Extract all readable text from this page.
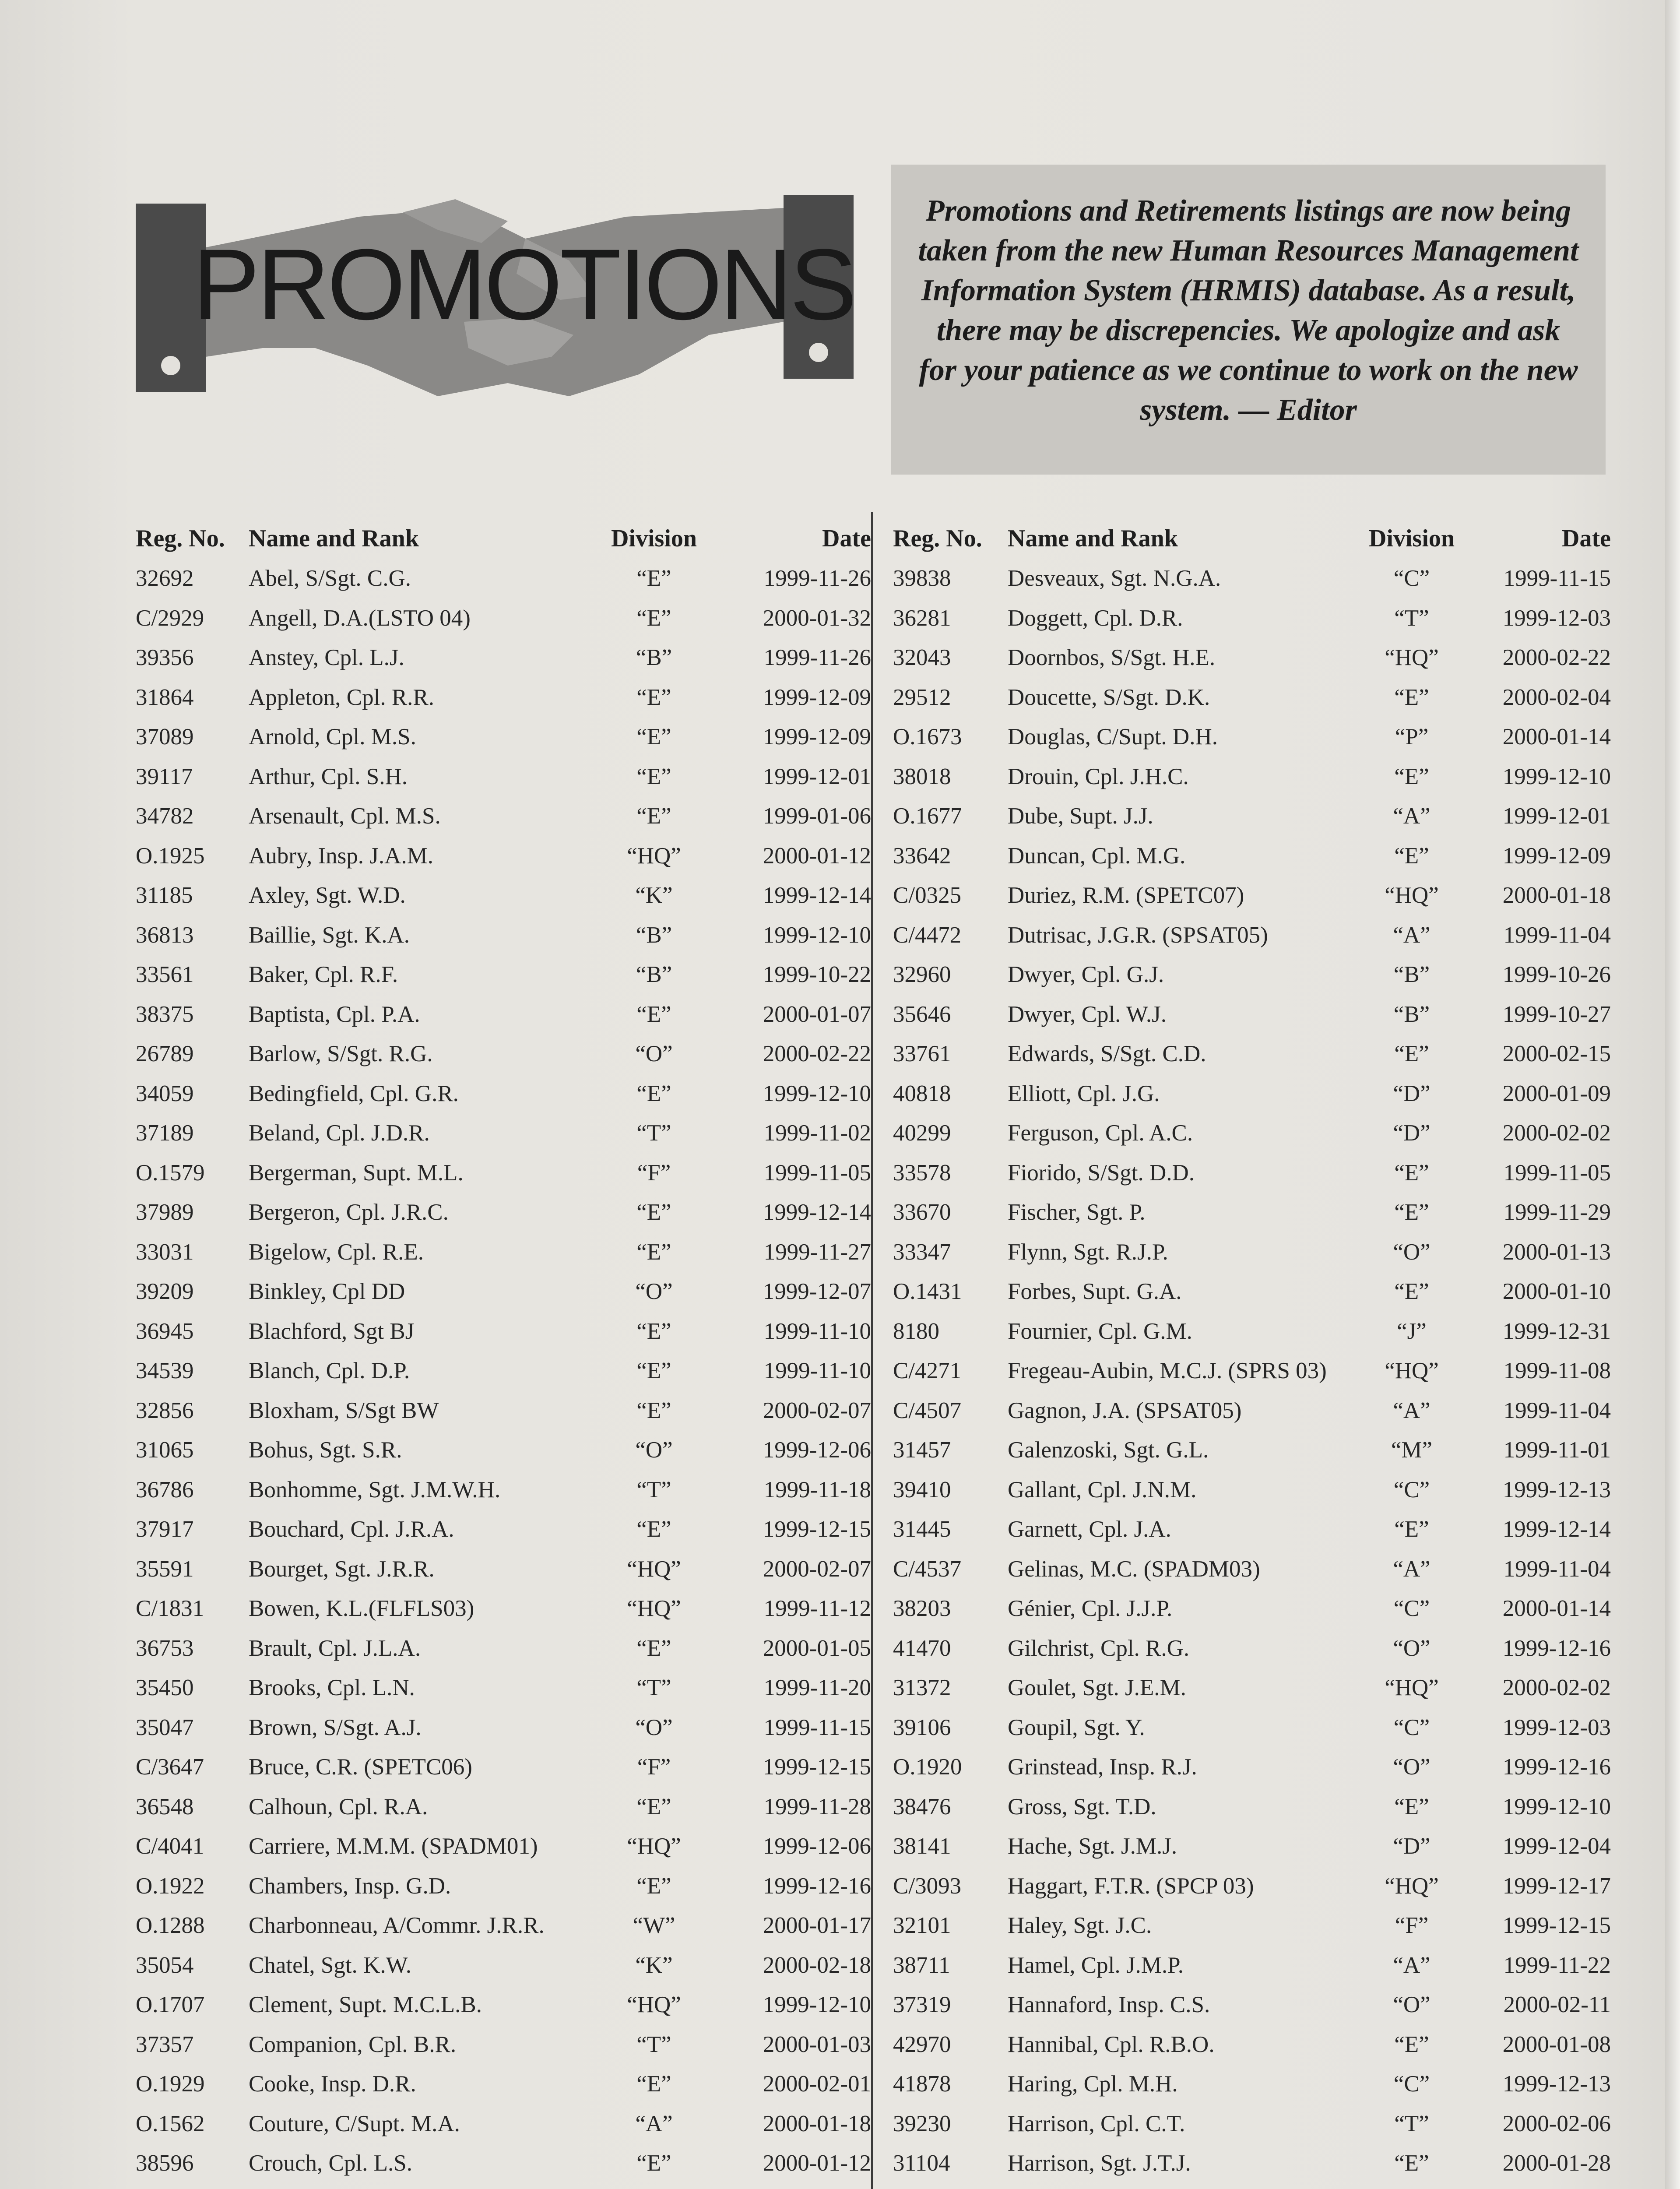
PROMOTIONS
Promotions and Retirements listings are now being taken from the new Human Resources Management Information System (HRMIS) database. As a result, there may be discrepencies. We apologize and ask for your patience as we continue to work on the new system. — Editor
Reg. No.	Name and Rank	Division	Date
32692	Abel, S/Sgt. C.G.	“E”	1999-11-26
C/2929	Angell, D.A.(LSTO 04)	“E”	2000-01-32
39356	Anstey, Cpl. L.J.	“B”	1999-11-26
31864	Appleton, Cpl. R.R.	“E”	1999-12-09
37089	Arnold, Cpl. M.S.	“E”	1999-12-09
39117	Arthur, Cpl. S.H.	“E”	1999-12-01
34782	Arsenault, Cpl. M.S.	“E”	1999-01-06
O.1925	Aubry, Insp. J.A.M.	“HQ”	2000-01-12
31185	Axley, Sgt. W.D.	“K”	1999-12-14
36813	Baillie, Sgt. K.A.	“B”	1999-12-10
33561	Baker, Cpl. R.F.	“B”	1999-10-22
38375	Baptista, Cpl. P.A.	“E”	2000-01-07
26789	Barlow, S/Sgt. R.G.	“O”	2000-02-22
34059	Bedingfield, Cpl. G.R.	“E”	1999-12-10
37189	Beland, Cpl. J.D.R.	“T”	1999-11-02
O.1579	Bergerman, Supt. M.L.	“F”	1999-11-05
37989	Bergeron, Cpl. J.R.C.	“E”	1999-12-14
33031	Bigelow, Cpl. R.E.	“E”	1999-11-27
39209	Binkley, Cpl DD	“O”	1999-12-07
36945	Blachford, Sgt BJ	“E”	1999-11-10
34539	Blanch, Cpl. D.P.	“E”	1999-11-10
32856	Bloxham, S/Sgt BW	“E”	2000-02-07
31065	Bohus, Sgt. S.R.	“O”	1999-12-06
36786	Bonhomme, Sgt. J.M.W.H.	“T”	1999-11-18
37917	Bouchard, Cpl. J.R.A.	“E”	1999-12-15
35591	Bourget, Sgt. J.R.R.	“HQ”	2000-02-07
C/1831	Bowen, K.L.(FLFLS03)	“HQ”	1999-11-12
36753	Brault, Cpl. J.L.A.	“E”	2000-01-05
35450	Brooks, Cpl. L.N.	“T”	1999-11-20
35047	Brown, S/Sgt. A.J.	“O”	1999-11-15
C/3647	Bruce, C.R. (SPETC06)	“F”	1999-12-15
36548	Calhoun, Cpl. R.A.	“E”	1999-11-28
C/4041	Carriere, M.M.M. (SPADM01)	“HQ”	1999-12-06
O.1922	Chambers, Insp. G.D.	“E”	1999-12-16
O.1288	Charbonneau, A/Commr. J.R.R.	“W”	2000-01-17
35054	Chatel, Sgt. K.W.	“K”	2000-02-18
O.1707	Clement, Supt. M.C.L.B.	“HQ”	1999-12-10
37357	Companion, Cpl. B.R.	“T”	2000-01-03
O.1929	Cooke, Insp. D.R.	“E”	2000-02-01
O.1562	Couture, C/Supt. M.A.	“A”	2000-01-18
38596	Crouch, Cpl. L.S.	“E”	2000-01-12

Reg. No.	Name and Rank	Division	Date
39838	Desveaux, Sgt. N.G.A.	“C”	1999-11-15
36281	Doggett, Cpl. D.R.	“T”	1999-12-03
32043	Doornbos, S/Sgt. H.E.	“HQ”	2000-02-22
29512	Doucette, S/Sgt. D.K.	“E”	2000-02-04
O.1673	Douglas, C/Supt. D.H.	“P”	2000-01-14
38018	Drouin, Cpl. J.H.C.	“E”	1999-12-10
O.1677	Dube, Supt. J.J.	“A”	1999-12-01
33642	Duncan, Cpl. M.G.	“E”	1999-12-09
C/0325	Duriez, R.M. (SPETC07)	“HQ”	2000-01-18
C/4472	Dutrisac, J.G.R. (SPSAT05)	“A”	1999-11-04
32960	Dwyer, Cpl. G.J.	“B”	1999-10-26
35646	Dwyer, Cpl. W.J.	“B”	1999-10-27
33761	Edwards, S/Sgt. C.D.	“E”	2000-02-15
40818	Elliott, Cpl. J.G.	“D”	2000-01-09
40299	Ferguson, Cpl. A.C.	“D”	2000-02-02
33578	Fiorido, S/Sgt. D.D.	“E”	1999-11-05
33670	Fischer, Sgt. P.	“E”	1999-11-29
33347	Flynn, Sgt. R.J.P.	“O”	2000-01-13
O.1431	Forbes, Supt. G.A.	“E”	2000-01-10
8180	Fournier, Cpl. G.M.	“J”	1999-12-31
C/4271	Fregeau-Aubin, M.C.J. (SPRS 03)	“HQ”	1999-11-08
C/4507	Gagnon, J.A. (SPSAT05)	“A”	1999-11-04
31457	Galenzoski, Sgt. G.L.	“M”	1999-11-01
39410	Gallant, Cpl. J.N.M.	“C”	1999-12-13
31445	Garnett, Cpl. J.A.	“E”	1999-12-14
C/4537	Gelinas, M.C. (SPADM03)	“A”	1999-11-04
38203	Génier, Cpl. J.J.P.	“C”	2000-01-14
41470	Gilchrist, Cpl. R.G.	“O”	1999-12-16
31372	Goulet, Sgt. J.E.M.	“HQ”	2000-02-02
39106	Goupil, Sgt. Y.	“C”	1999-12-03
O.1920	Grinstead, Insp. R.J.	“O”	1999-12-16
38476	Gross, Sgt. T.D.	“E”	1999-12-10
38141	Hache, Sgt. J.M.J.	“D”	1999-12-04
C/3093	Haggart, F.T.R. (SPCP 03)	“HQ”	1999-12-17
32101	Haley, Sgt. J.C.	“F”	1999-12-15
38711	Hamel, Cpl. J.M.P.	“A”	1999-11-22
37319	Hannaford, Insp. C.S.	“O”	2000-02-11
42970	Hannibal, Cpl. R.B.O.	“E”	2000-01-08
41878	Haring, Cpl. M.H.	“C”	1999-12-13
39230	Harrison, Cpl. C.T.	“T”	2000-02-06
31104	Harrison, Sgt. J.T.J.	“E”	2000-01-28
